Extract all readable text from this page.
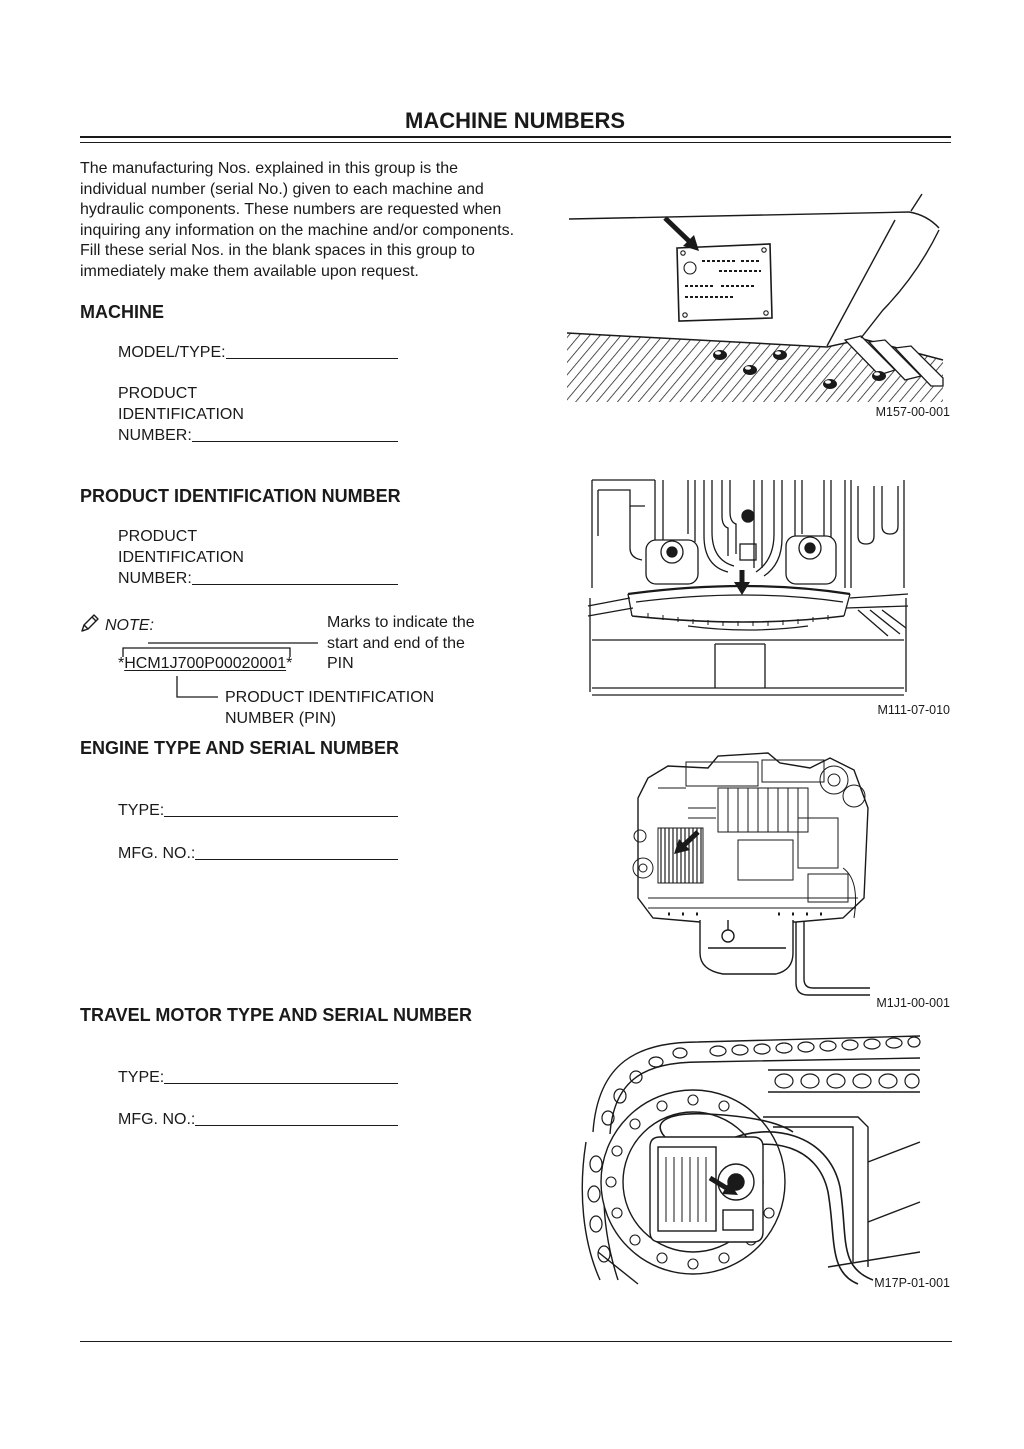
MACHINE NUMBERS
The manufacturing Nos. explained in this group is the
individual number (serial No.) given to each machine and
hydraulic components. These numbers are requested when
inquiring any information on the machine and/or components.
Fill these serial Nos. in the blank spaces in this group to
immediately make them available upon request.
MACHINE
MODEL/TYPE:
PRODUCT
IDENTIFICATION
NUMBER:
PRODUCT IDENTIFICATION NUMBER
PRODUCT
IDENTIFICATION
NUMBER:
NOTE:	Marks to indicate the
start and end of the
PIN
*HCM1J700P00020001*
PRODUCT IDENTIFICATION
NUMBER (PIN)
ENGINE TYPE AND SERIAL NUMBER
TYPE:
MFG. NO.:
TRAVEL MOTOR TYPE AND SERIAL NUMBER
TYPE:
MFG. NO.:
M157-00-001
M111-07-010
M1J1-00-001
M17P-01-001
